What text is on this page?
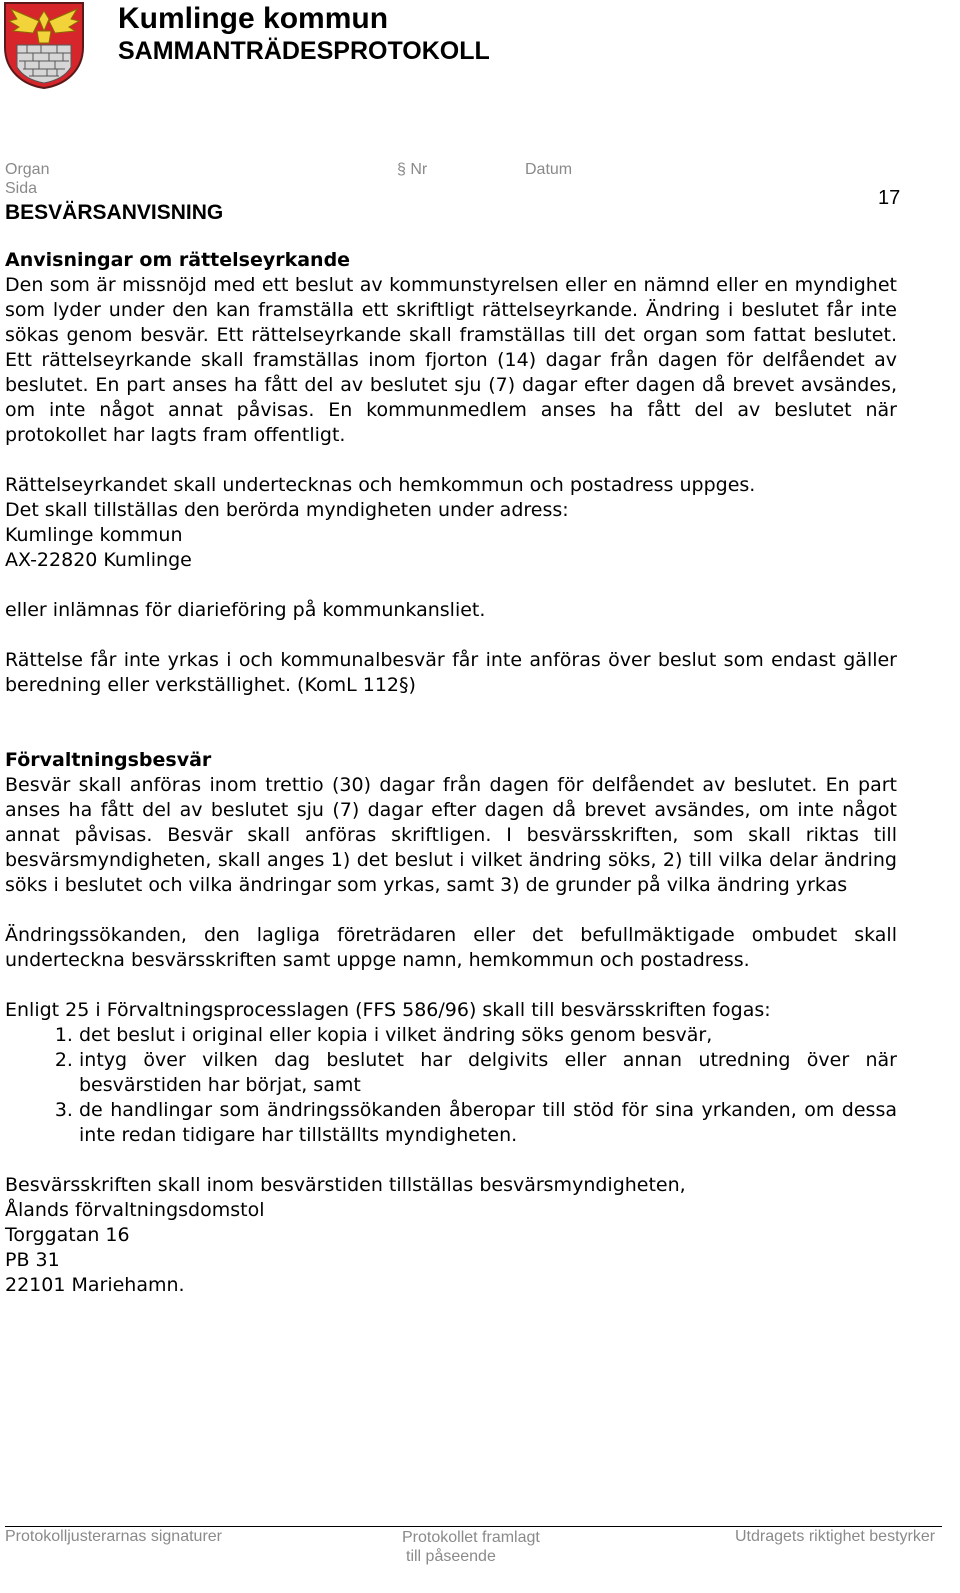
Kumlinge kommun
SAMMANTRÄDESPROTOKOLL
Organ	§ Nr	Datum
Sida	17
BESVÄRSANVISNING

Anvisningar om rättelseyrkande

Den som är missnöjd med ett beslut av kommunstyrelsen eller en nämnd eller en myndighet som lyder under den kan framställa ett skriftligt rättelseyrkande. Ändring i beslutet får inte sökas genom besvär. Ett rättelseyrkande skall framställas till det organ som fattat beslutet. Ett rättelseyrkande skall framställas inom fjorton (14) dagar från dagen för delfåendet av beslutet. En part anses ha fått del av beslutet sju (7) dagar efter dagen då brevet avsändes, om inte något annat påvisas. En kommunmedlem anses ha fått del av beslutet när protokollet har lagts fram offentligt.

Rättelseyrkandet skall undertecknas och hemkommun och postadress uppges.

Det skall tillställas den berörda myndigheten under adress:

Kumlinge kommun

AX-22820 Kumlinge

eller inlämnas för diarieföring på kommunkansliet.

Rättelse får inte yrkas i och kommunalbesvär får inte anföras över beslut som endast gäller beredning eller verkställighet. (KomL 112§)

Förvaltningsbesvär

Besvär skall anföras inom trettio (30) dagar från dagen för delfåendet av beslutet. En part anses ha fått del av beslutet sju (7) dagar efter dagen då brevet avsändes, om inte något annat påvisas. Besvär skall anföras skriftligen. I besvärsskriften, som skall riktas till besvärsmyndigheten, skall anges 1) det beslut i vilket ändring söks, 2) till vilka delar ändring söks i beslutet och vilka ändringar som yrkas, samt 3) de grunder på vilka ändring yrkas

Ändringssökanden, den lagliga företrädaren eller det befullmäktigade ombudet skall underteckna besvärsskriften samt uppge namn, hemkommun och postadress.

Enligt 25 i Förvaltningsprocesslagen (FFS 586/96) skall till besvärsskriften fogas:

1. det beslut i original eller kopia i vilket ändring söks genom besvär,
2. intyg över vilken dag beslutet har delgivits eller annan utredning över när besvärstiden har börjat, samt
3. de handlingar som ändringssökanden åberopar till stöd för sina yrkanden, om dessa inte redan tidigare har tillställts myndigheten.

Besvärsskriften skall inom besvärstiden tillställas besvärsmyndigheten,

Ålands förvaltningsdomstol

Torggatan 16

PB 31

22101 Mariehamn.

Protokolljusterarnas signaturer	Protokollet framlagt
till påseende
Utdragets riktighet bestyrker
